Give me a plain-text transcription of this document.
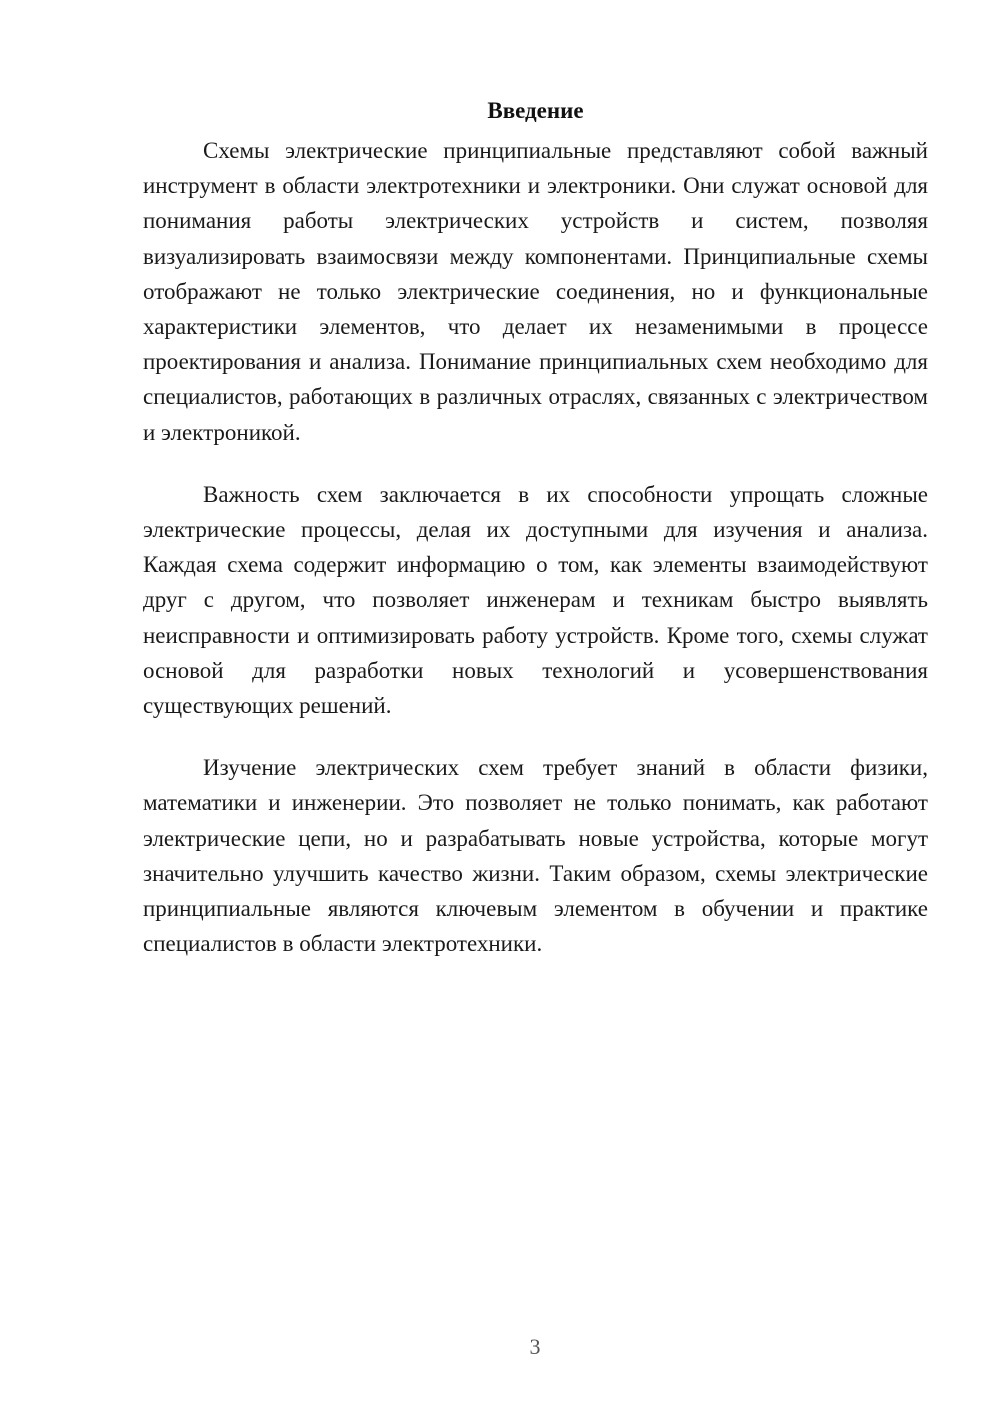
Введение

Схемы электрические принципиальные представляют собой важный инструмент в области электротехники и электроники. Они служат основой для понимания работы электрических устройств и систем, позволяя визуализировать взаимосвязи между компонентами. Принципиальные схемы отображают не только электрические соединения, но и функциональные характеристики элементов, что делает их незаменимыми в процессе проектирования и анализа. Понимание принципиальных схем необходимо для специалистов, работающих в различных отраслях, связанных с электричеством и электроникой.

Важность схем заключается в их способности упрощать сложные электрические процессы, делая их доступными для изучения и анализа. Каждая схема содержит информацию о том, как элементы взаимодействуют друг с другом, что позволяет инженерам и техникам быстро выявлять неисправности и оптимизировать работу устройств. Кроме того, схемы служат основой для разработки новых технологий и усовершенствования существующих решений.

Изучение электрических схем требует знаний в области физики, математики и инженерии. Это позволяет не только понимать, как работают электрические цепи, но и разрабатывать новые устройства, которые могут значительно улучшить качество жизни. Таким образом, схемы электрические принципиальные являются ключевым элементом в обучении и практике специалистов в области электротехники.

3
